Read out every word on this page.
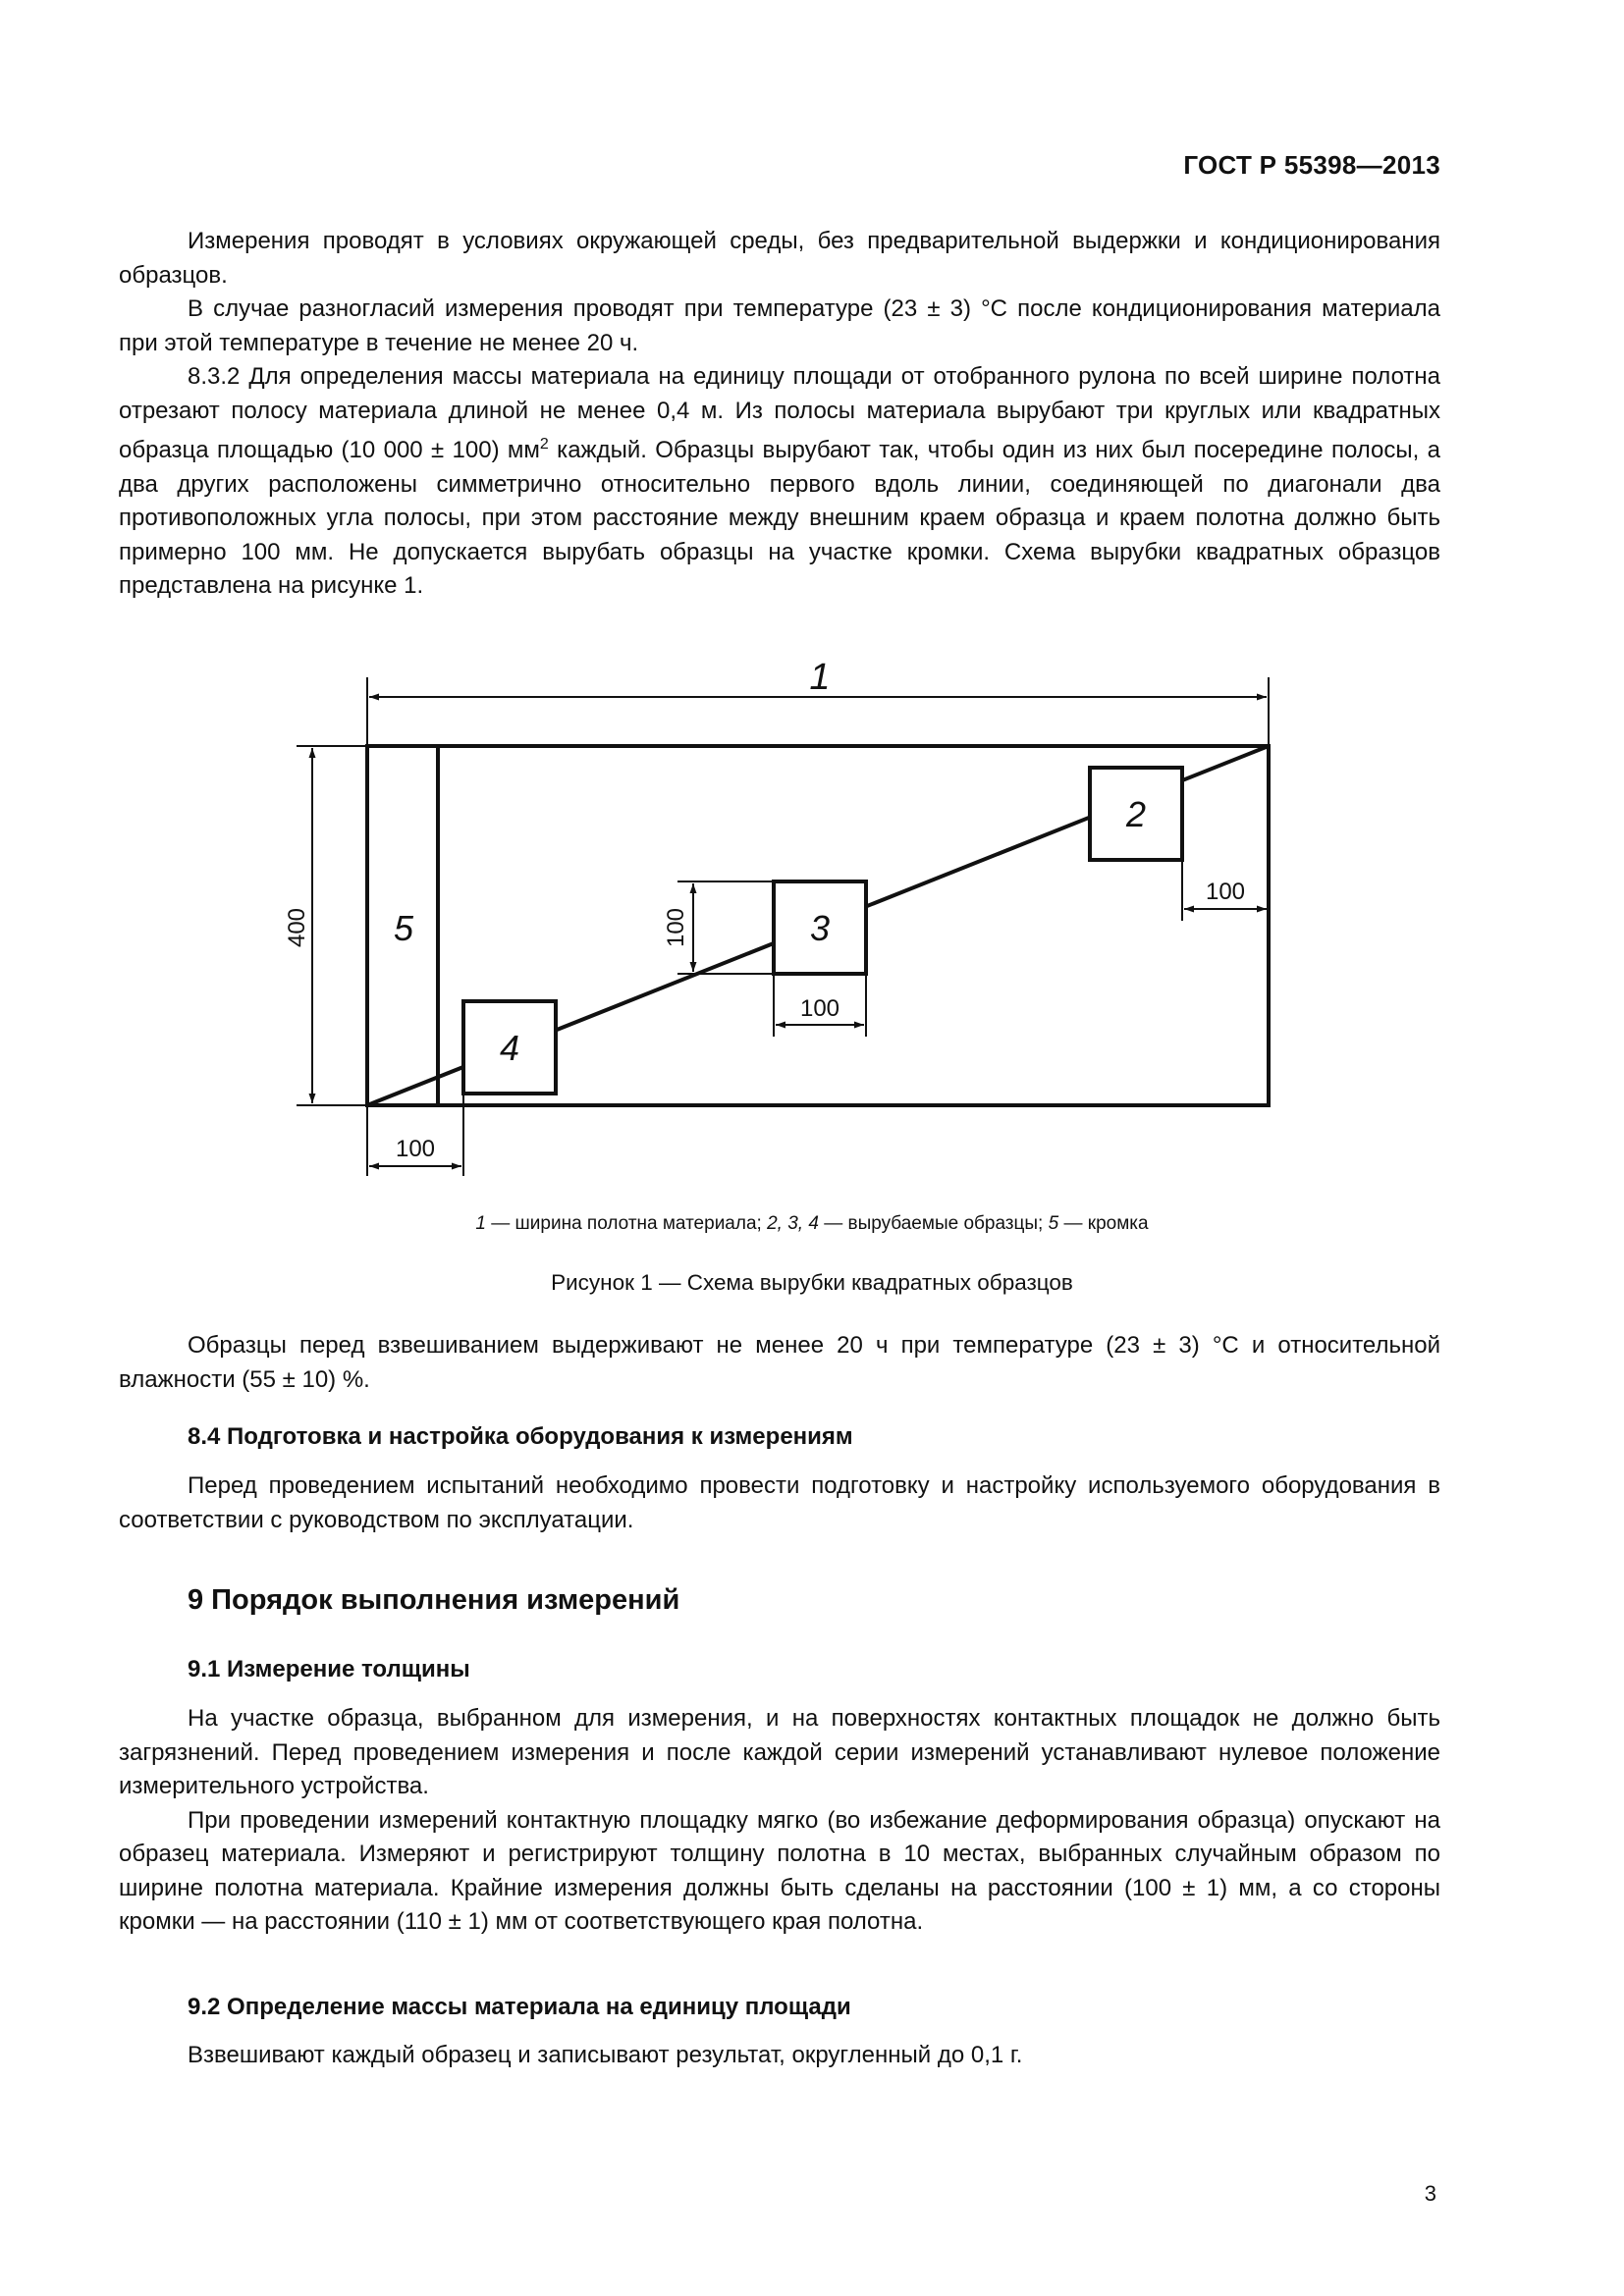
ГОСТ Р 55398—2013

Измерения проводят в условиях окружающей среды, без предварительной выдержки и кондиционирования образцов.

В случае разногласий измерения проводят при температуре (23 ± 3) °С после кондиционирования материала при этой температуре в течение не менее 20 ч.

8.3.2 Для определения массы материала на единицу площади от отобранного рулона по всей ширине полотна отрезают полосу материала длиной не менее 0,4 м. Из полосы материала вырубают три круглых или квадратных образца площадью (10 000 ± 100) $мм^2$ каждый. Образцы вырубают так, чтобы один из них был посередине полосы, а два других расположены симметрично относительно первого вдоль линии, соединяющей по диагонали два противоположных угла полосы, при этом расстояние между внешним краем образца и краем полотна должно быть примерно 100 мм. Не допускается вырубать образцы на участке кромки. Схема вырубки квадратных образцов представлена на рисунке 1.

1
2
3
4
5
400
100
100
100
100
1 — ширина полотна материала; 2, 3, 4 — вырубаемые образцы; 5 — кромка
Рисунок 1 — Схема вырубки квадратных образцов

Образцы перед взвешиванием выдерживают не менее 20 ч при температуре (23 ± 3) °С и относительной влажности (55 ± 10) %.

8.4 Подготовка и настройка оборудования к измерениям

Перед проведением испытаний необходимо провести подготовку и настройку используемого оборудования в соответствии с руководством по эксплуатации.

9 Порядок выполнения измерений
9.1 Измерение толщины

На участке образца, выбранном для измерения, и на поверхностях контактных площадок не должно быть загрязнений. Перед проведением измерения и после каждой серии измерений устанавливают нулевое положение измерительного устройства.

При проведении измерений контактную площадку мягко (во избежание деформирования образца) опускают на образец материала. Измеряют и регистрируют толщину полотна в 10 местах, выбранных случайным образом по ширине полотна материала. Крайние измерения должны быть сделаны на расстоянии (100 ± 1) мм, а со стороны кромки — на расстоянии (110 ± 1) мм от соответствующего края полотна.

9.2 Определение массы материала на единицу площади

Взвешивают каждый образец и записывают результат, округленный до 0,1 г.

3
